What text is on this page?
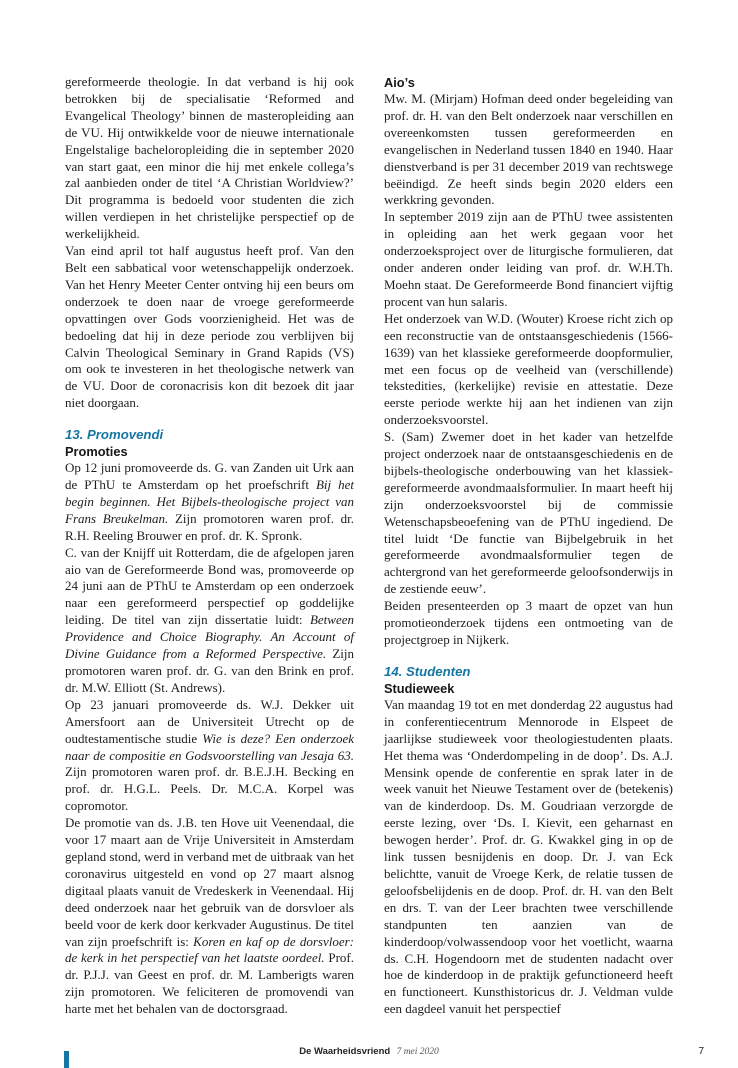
gereformeerde theologie. In dat verband is hij ook betrokken bij de specialisatie ‘Reformed and Evangelical Theology’ binnen de masteropleiding aan de VU. Hij ontwikkelde voor de nieuwe internationale Engelstalige bacheloropleiding die in september 2020 van start gaat, een minor die hij met enkele collega’s zal aanbieden onder de titel ‘A Christian Worldview?’ Dit programma is bedoeld voor studenten die zich willen verdiepen in het christelijke perspectief op de werkelijkheid.

Van eind april tot half augustus heeft prof. Van den Belt een sabbatical voor wetenschappelijk onderzoek. Van het Henry Meeter Center ontving hij een beurs om onderzoek te doen naar de vroege gereformeerde opvattingen over Gods voorzienigheid. Het was de bedoeling dat hij in deze periode zou verblijven bij Calvin Theological Seminary in Grand Rapids (VS) om ook te investeren in het theologische netwerk van de VU. Door de coronacrisis kon dit bezoek dit jaar niet doorgaan.

13. Promovendi
Promoties

Op 12 juni promoveerde ds. G. van Zanden uit Urk aan de PThU te Amsterdam op het proefschrift Bij het begin beginnen. Het Bijbels-theologische project van Frans Breukelman. Zijn promotoren waren prof. dr. R.H. Reeling Brouwer en prof. dr. K. Spronk.

C. van der Knijff uit Rotterdam, die de afgelopen jaren aio van de Gereformeerde Bond was, promoveerde op 24 juni aan de PThU te Amsterdam op een onderzoek naar een gereformeerd perspectief op goddelijke leiding. De titel van zijn dissertatie luidt: Between Providence and Choice Biography. An Account of Divine Guidance from a Reformed Perspective. Zijn promotoren waren prof. dr. G. van den Brink en prof. dr. M.W. Elliott (St. Andrews).

Op 23 januari promoveerde ds. W.J. Dekker uit Amersfoort aan de Universiteit Utrecht op de oudtestamentische studie Wie is deze? Een onderzoek naar de compositie en Godsvoorstelling van Jesaja 63. Zijn promotoren waren prof. dr. B.E.J.H. Becking en prof. dr. H.G.L. Peels. Dr. M.C.A. Korpel was copromotor.

De promotie van ds. J.B. ten Hove uit Veenendaal, die voor 17 maart aan de Vrije Universiteit in Amsterdam gepland stond, werd in verband met de uitbraak van het coronavirus uitgesteld en vond op 27 maart alsnog digitaal plaats vanuit de Vredeskerk in Veenendaal. Hij deed onderzoek naar het gebruik van de dorsvloer als beeld voor de kerk door kerkvader Augustinus. De titel van zijn proefschrift is: Koren en kaf op de dorsvloer: de kerk in het perspectief van het laatste oordeel. Prof. dr. P.J.J. van Geest en prof. dr. M. Lamberigts waren zijn promotoren. We feliciteren de promovendi van harte met het behalen van de doctorsgraad.

Aio’s

Mw. M. (Mirjam) Hofman deed onder begeleiding van prof. dr. H. van den Belt onderzoek naar verschillen en overeenkomsten tussen gereformeerden en evangelischen in Nederland tussen 1840 en 1940. Haar dienstverband is per 31 december 2019 van rechtswege beëindigd. Ze heeft sinds begin 2020 elders een werkkring gevonden.

In september 2019 zijn aan de PThU twee assistenten in opleiding aan het werk gegaan voor het onderzoeksproject over de liturgische formulieren, dat onder anderen onder leiding van prof. dr. W.H.Th. Moehn staat. De Gereformeerde Bond financiert vijftig procent van hun salaris.

Het onderzoek van W.D. (Wouter) Kroese richt zich op een reconstructie van de ontstaansgeschiedenis (1566-1639) van het klassieke gereformeerde doopformulier, met een focus op de veelheid van (verschillende) tekstedities, (kerkelijke) revisie en attestatie. Deze eerste periode werkte hij aan het indienen van zijn onderzoeksvoorstel.

S. (Sam) Zwemer doet in het kader van hetzelfde project onderzoek naar de ontstaansgeschiedenis en de bijbels-theologische onderbouwing van het klassiek-gereformeerde avondmaalsformulier. In maart heeft hij zijn onderzoeksvoorstel bij de commissie Wetenschapsbeoefening van de PThU ingediend. De titel luidt ‘De functie van Bijbelgebruik in het gereformeerde avondmaalsformulier tegen de achtergrond van het gereformeerde geloofsonderwijs in de zestiende eeuw’.

Beiden presenteerden op 3 maart de opzet van hun promotieonderzoek tijdens een ontmoeting van de projectgroep in Nijkerk.

14. Studenten
Studieweek

Van maandag 19 tot en met donderdag 22 augustus had in conferentiecentrum Mennorode in Elspeet de jaarlijkse studieweek voor theologiestudenten plaats. Het thema was ‘Onderdompeling in de doop’. Ds. A.J. Mensink opende de conferentie en sprak later in de week vanuit het Nieuwe Testament over de (betekenis) van de kinderdoop. Ds. M. Goudriaan verzorgde de eerste lezing, over ‘Ds. I. Kievit, een geharnast en bewogen herder’. Prof. dr. G. Kwakkel ging in op de link tussen besnijdenis en doop. Dr. J. van Eck belichtte, vanuit de Vroege Kerk, de relatie tussen de geloofsbelijdenis en de doop. Prof. dr. H. van den Belt en drs. T. van der Leer brachten twee verschillende standpunten ten aanzien van de kinderdoop/volwassendoop voor het voetlicht, waarna ds. C.H. Hogendoorn met de studenten nadacht over hoe de kinderdoop in de praktijk gefunctioneerd heeft en functioneert. Kunsthistoricus dr. J. Veldman vulde een dagdeel vanuit het perspectief

De Waarheidsvriend 7 mei 2020	7
